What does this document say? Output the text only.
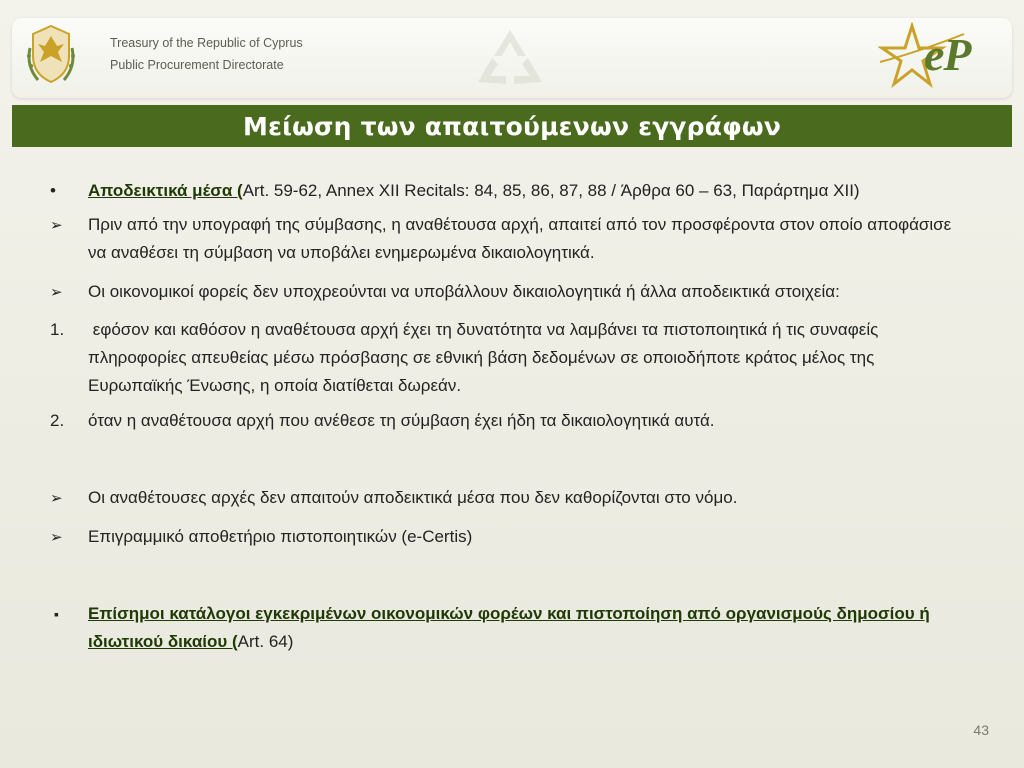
Treasury of the Republic of Cyprus
Public Procurement Directorate	eP
Μείωση των απαιτούμενων εγγράφων
•	Αποδεικτικά μέσα (Art. 59-62, Annex XII Recitals: 84, 85, 86, 87, 88 / Άρθρα 60 – 63, Παράρτημα XII)
➢	Πριν από την υπογραφή της σύμβασης, η αναθέτουσα αρχή, απαιτεί από τον προσφέροντα στον οποίο αποφάσισε να αναθέσει τη σύμβαση να υποβάλει ενημερωμένα δικαιολογητικά.
➢	Οι οικονομικοί φορείς δεν υποχρεούνται να υποβάλλουν δικαιολογητικά ή άλλα αποδεικτικά στοιχεία:
1.	εφόσον και καθόσον η αναθέτουσα αρχή έχει τη δυνατότητα να λαμβάνει τα πιστοποιητικά ή τις συναφείς πληροφορίες απευθείας μέσω πρόσβασης σε εθνική βάση δεδομένων σε οποιοδήποτε κράτος μέλος της Ευρωπαϊκής Ένωσης, η οποία διατίθεται δωρεάν.
2.	όταν η αναθέτουσα αρχή που ανέθεσε τη σύμβαση έχει ήδη τα δικαιολογητικά αυτά.
➢	Οι αναθέτουσες αρχές δεν απαιτούν αποδεικτικά μέσα που δεν καθορίζονται στο νόμο.
➢	Επιγραμμικό αποθετήριο πιστοποιητικών (e-Certis)
▪	Επίσημοι κατάλογοι εγκεκριμένων οικονομικών φορέων και πιστοποίηση από οργανισμούς δημοσίου ή ιδιωτικού δικαίου (Art. 64)
43
